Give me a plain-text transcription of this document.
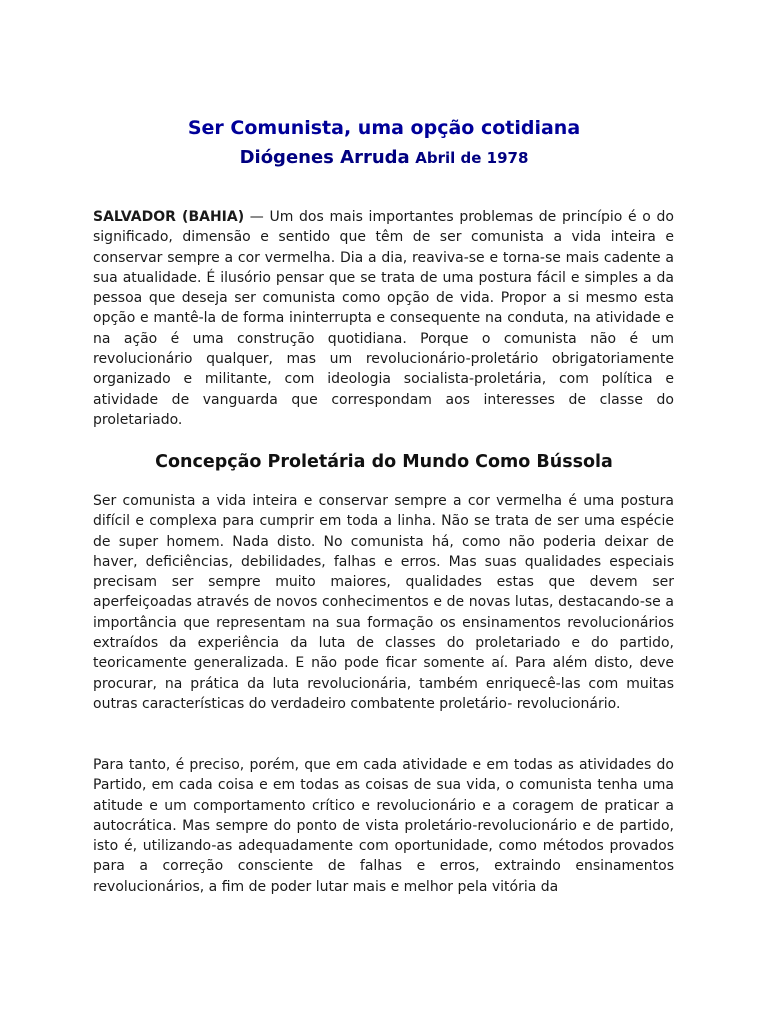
Ser Comunista, uma opção cotidiana
Diógenes Arruda Abril de 1978

SALVADOR (BAHIA) — Um dos mais importantes problemas de princípio é o do significado, dimensão e sentido que têm de ser comunista a vida inteira e conservar sempre a cor vermelha. Dia a dia, reaviva-se e torna-se mais cadente a sua atualidade. É ilusório pensar que se trata de uma postura fácil e simples a da pessoa que deseja ser comunista como opção de vida. Propor a si mesmo esta opção e mantê-la de forma ininterrupta e consequente na conduta, na atividade e na ação é uma construção quotidiana. Porque o comunista não é um revolucionário qualquer, mas um revolucionário-proletário obrigatoriamente organizado e militante, com ideologia socialista-proletária, com política e atividade de vanguarda que correspondam aos interesses de classe do proletariado.

Concepção Proletária do Mundo Como Bússola

Ser comunista a vida inteira e conservar sempre a cor vermelha é uma postura difícil e complexa para cumprir em toda a linha. Não se trata de ser uma espécie de super homem. Nada disto. No comunista há, como não poderia deixar de haver, deficiências, debilidades, falhas e erros. Mas suas qualidades especiais precisam ser sempre muito maiores, qualidades estas que devem ser aperfeiçoadas através de novos conhecimentos e de novas lutas, destacando-se a importância que representam na sua formação os ensinamentos revolucionários extraídos da experiência da luta de classes do proletariado e do partido, teoricamente generalizada. E não pode ficar somente aí. Para além disto, deve procurar, na prática da luta revolucionária, também enriquecê-las com muitas outras características do verdadeiro combatente proletário- revolucionário.

Para tanto, é preciso, porém, que em cada atividade e em todas as atividades do Partido, em cada coisa e em todas as coisas de sua vida, o comunista tenha uma atitude e um comportamento crítico e revolucionário e a coragem de praticar a autocrática. Mas sempre do ponto de vista proletário-revolucionário e de partido, isto é, utilizando-as adequadamente com oportunidade, como métodos provados para a correção consciente de falhas e erros, extraindo ensinamentos revolucionários, a fim de poder lutar mais e melhor pela vitória da
